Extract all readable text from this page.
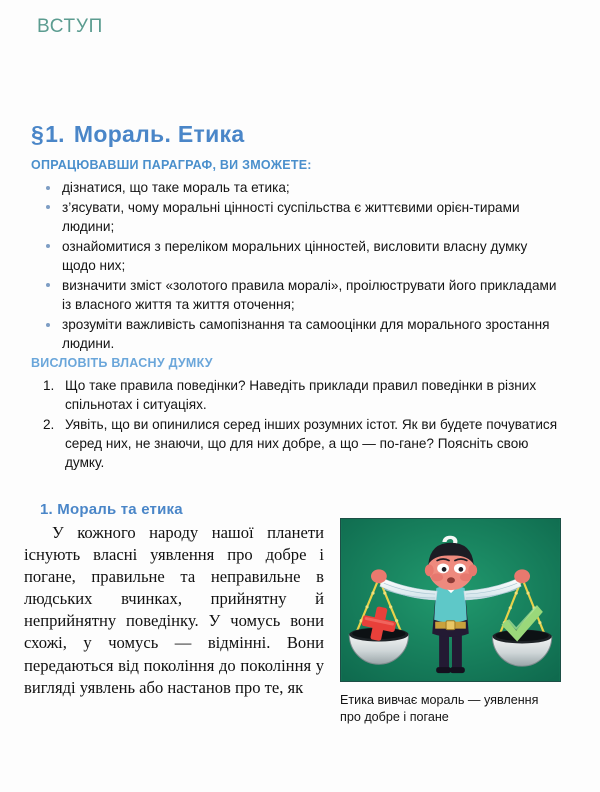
ВСТУП
§1. Мораль. Етика
ОПРАЦЮВАВШИ ПАРАГРАФ, ВИ ЗМОЖЕТЕ:
дізнатися, що таке мораль та етика;
з’ясувати, чому моральні цінності суспільства є життєвими орієн-тирами людини;
ознайомитися з переліком моральних цінностей, висловити власну думку щодо них;
визначити зміст «золотого правила моралі», проілюструвати його прикладами із власного життя та життя оточення;
зрозуміти важливість самопізнання та самооцінки для морального зростання людини.
ВИСЛОВІТЬ ВЛАСНУ ДУМКУ
1. Що таке правила поведінки? Наведіть приклади правил поведінки в різних спільнотах і ситуаціях.
2. Уявіть, що ви опинилися серед інших розумних істот. Як ви будете почуватися серед них, не знаючи, що для них добре, а що — по-гане? Поясніть свою думку.
1. Мораль та етика
У кожного народу нашої планети існують власні уявлення про добре і погане, правильне та неправильне в людських вчинках, прийнятну й неприйнятну поведінку. У чомусь вони схожі, у чомусь — відмінні. Вони передаються від покоління до покоління у вигляді уявлень або настанов про те, як
Етика вивчає мораль — уявлення про добре і погане
